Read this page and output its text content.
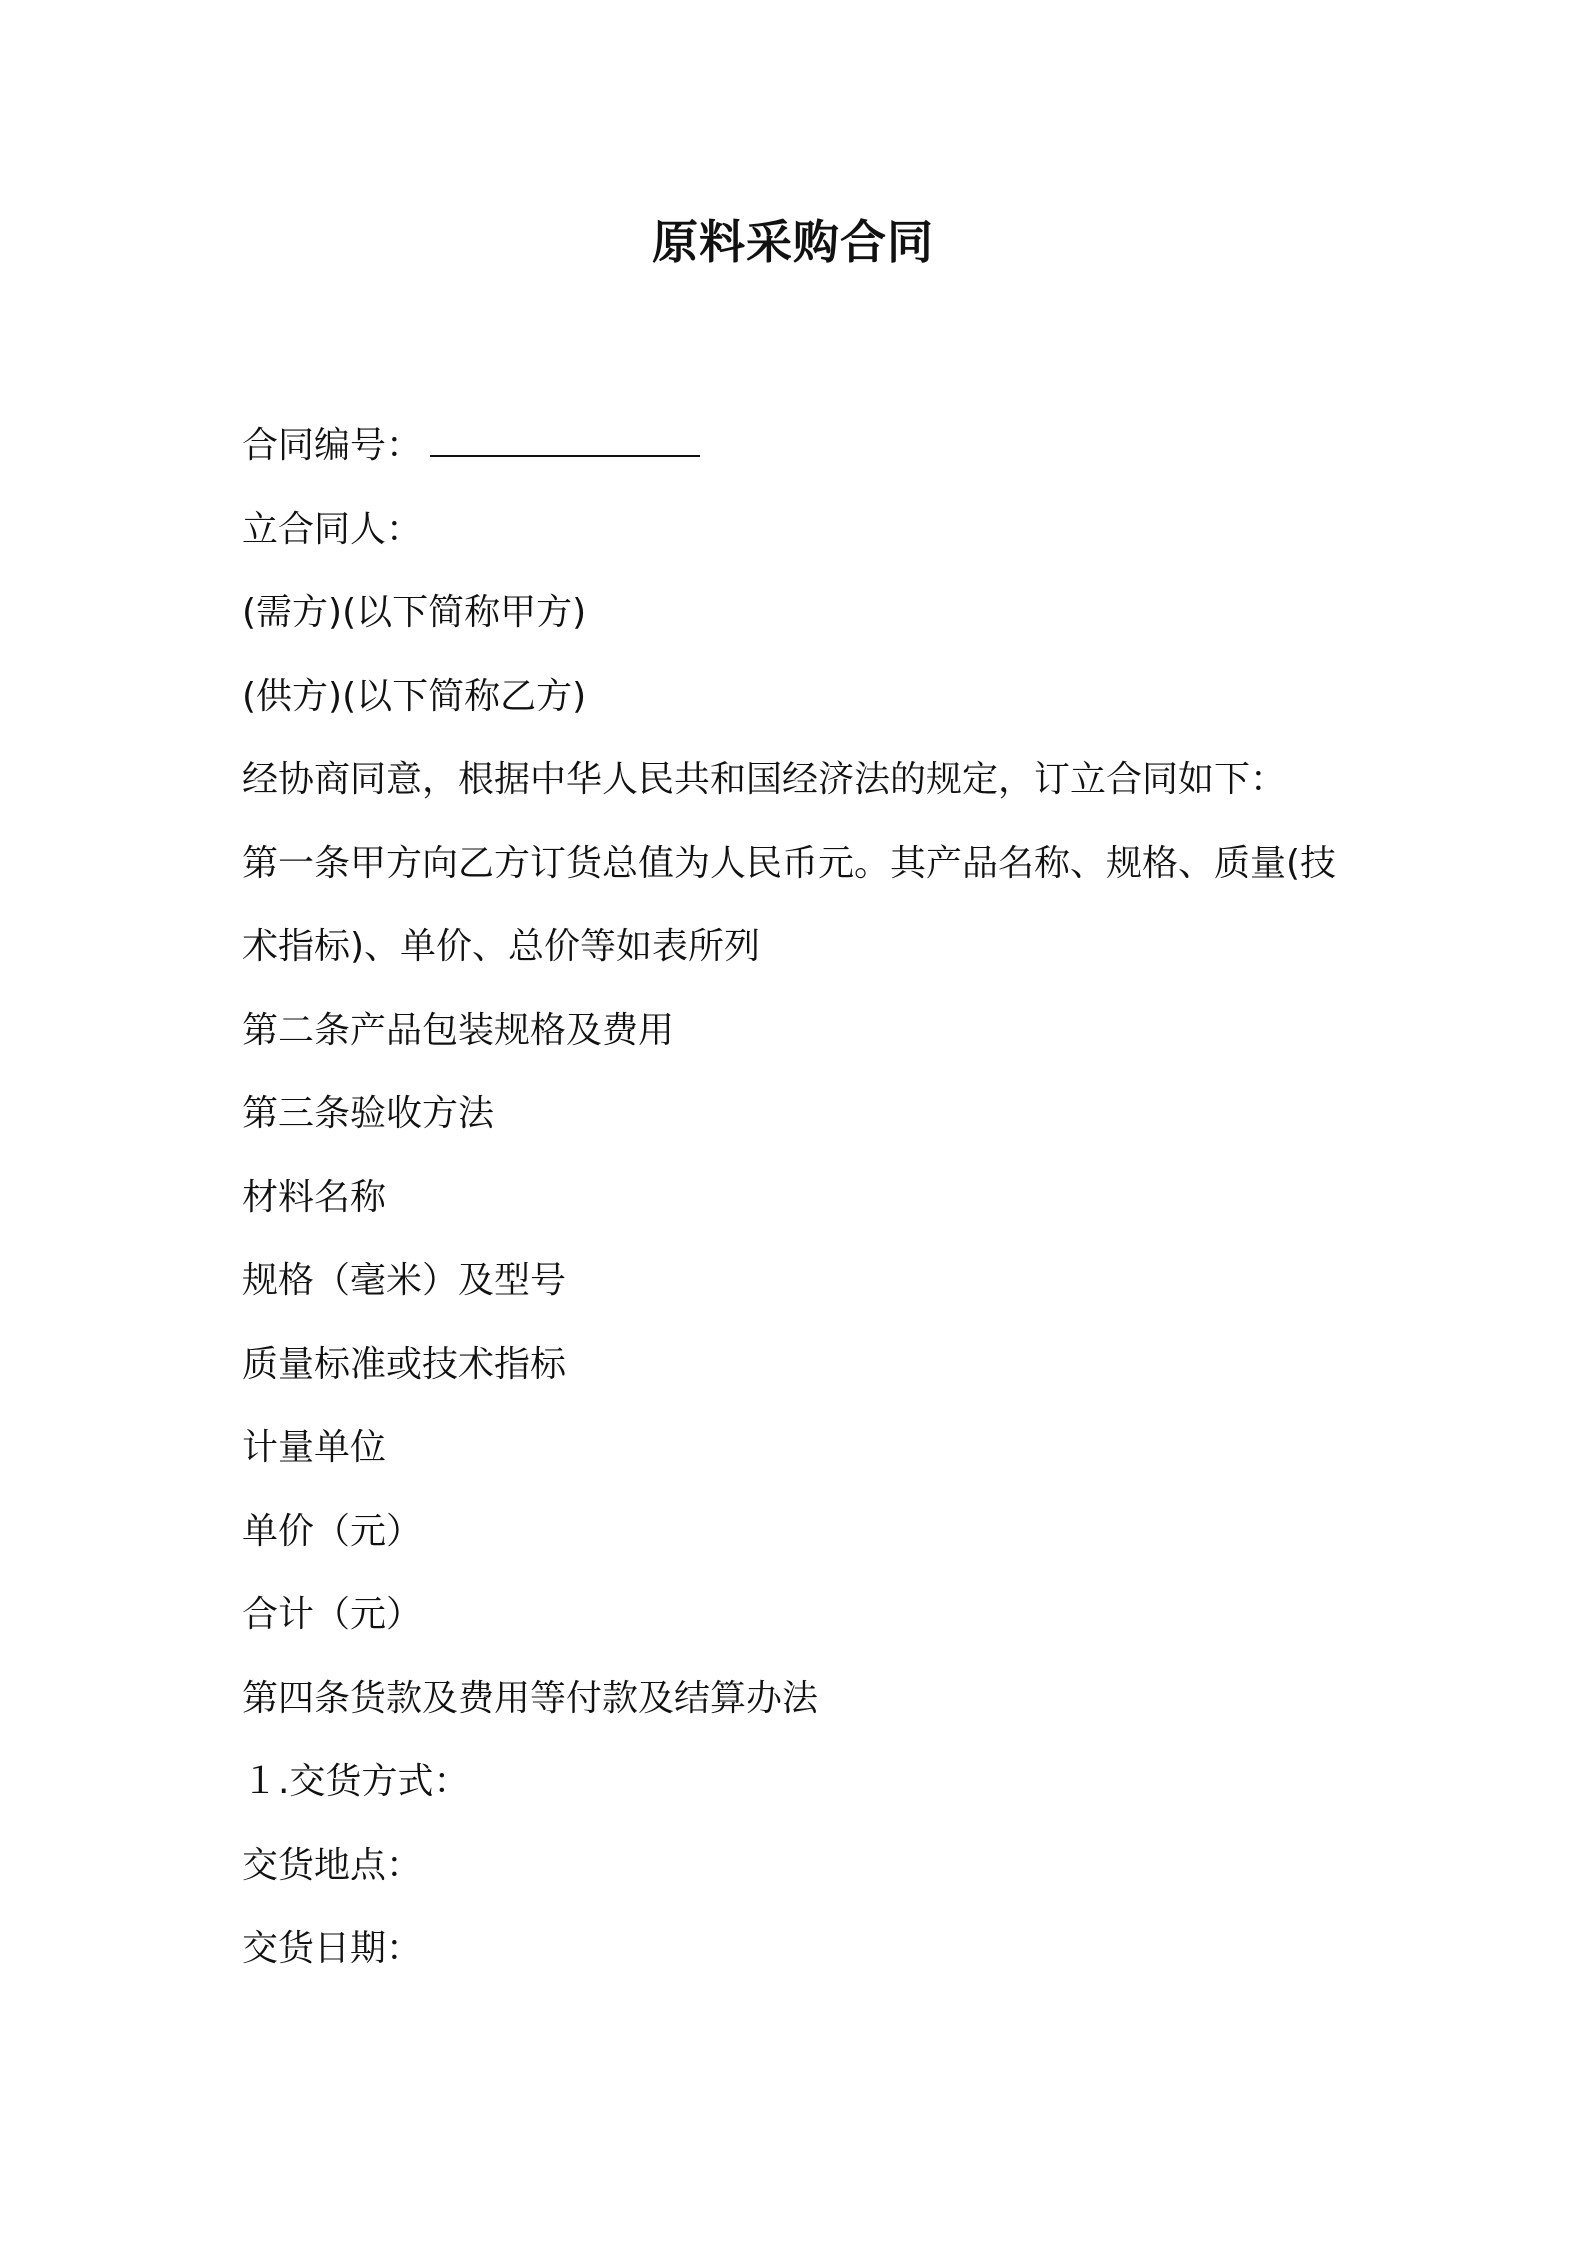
原料采购合同

合同编号：

立合同人：

(需方)(以下简称甲方)

(供方)(以下简称乙方)

经协商同意，根据中华人民共和国经济法的规定，订立合同如下：

第一条甲方向乙方订货总值为人民币元。其产品名称、规格、质量(技

术指标)、单价、总价等如表所列

第二条产品包装规格及费用

第三条验收方法

材料名称

规格（毫米）及型号

质量标准或技术指标

计量单位

单价（元）

合计（元）

第四条货款及费用等付款及结算办法

１.交货方式：

交货地点：

交货日期：
